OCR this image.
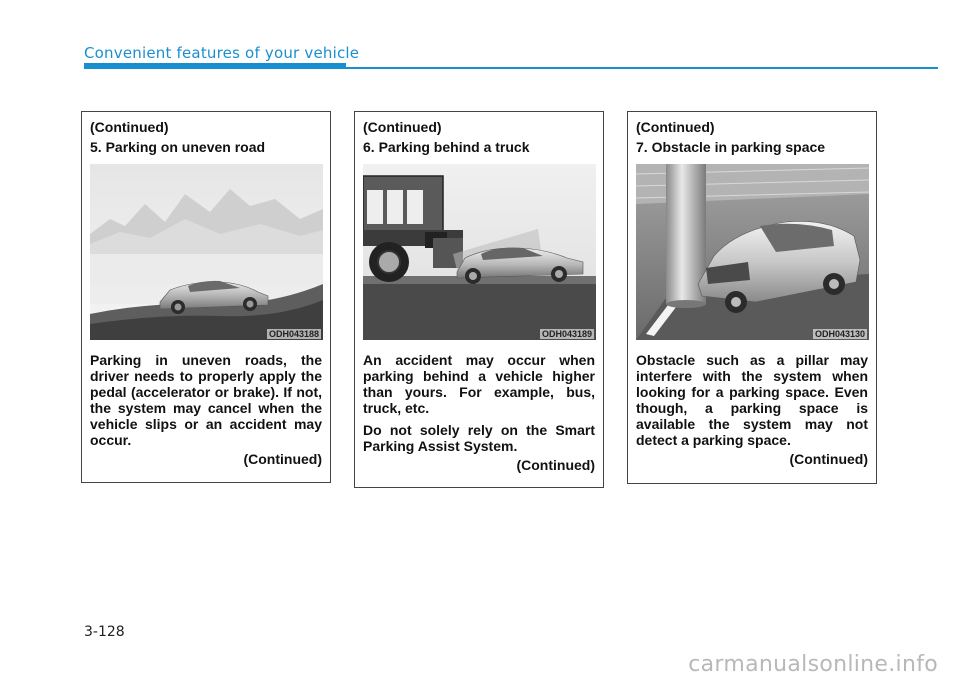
Convenient features of your vehicle
(Continued)
5. Parking on uneven road
ODH043188
Parking in uneven roads, the driver needs to properly apply the pedal (accelerator or brake). If not, the system may cancel when the vehicle slips or an accident may occur.
(Continued)
(Continued)
6. Parking behind a truck
ODH043189
An accident may occur when parking behind a vehicle higher than yours. For example, bus, truck, etc.
Do not solely rely on the Smart Parking Assist System.
(Continued)
(Continued)
7. Obstacle in parking space
ODH043130
Obstacle such as a pillar may interfere with the system when looking for a parking space. Even though, a parking space is available the system may not detect a parking space.
(Continued)
3-128
carmanualsonline.info
